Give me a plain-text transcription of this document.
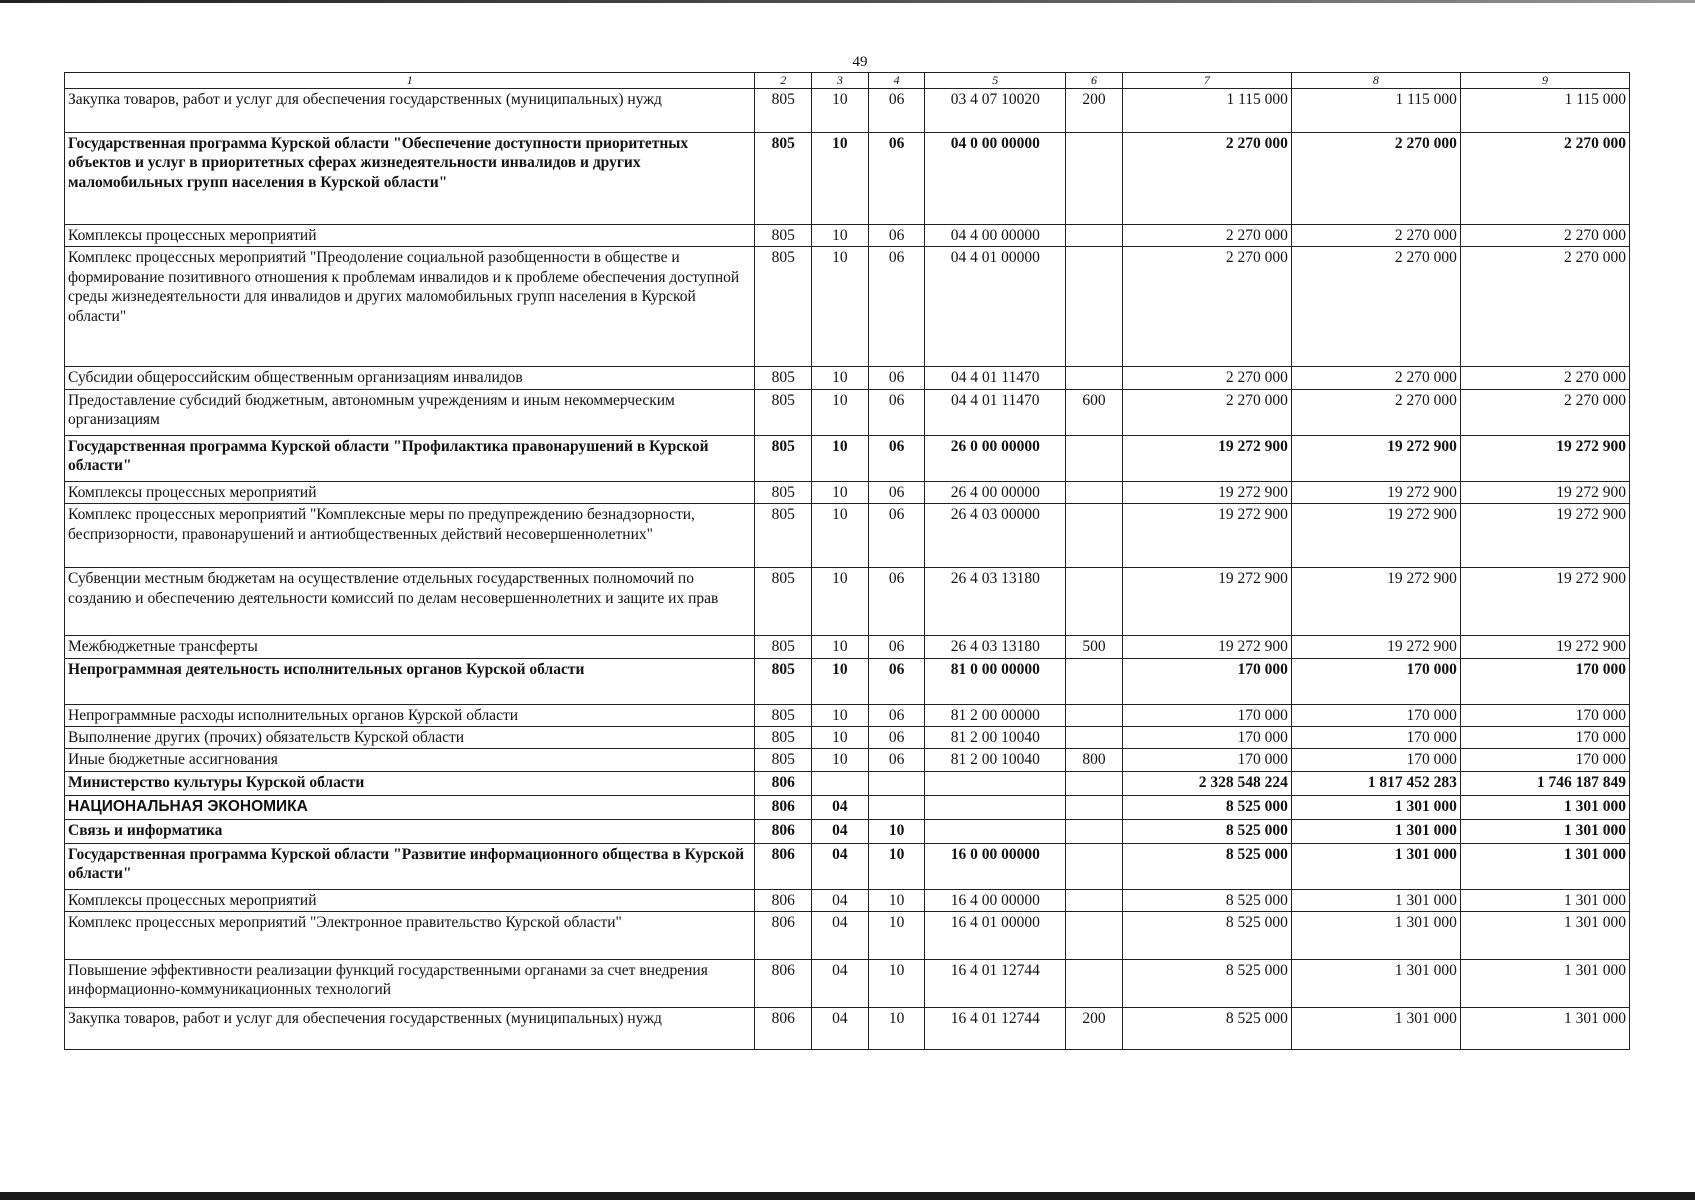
49
1	2	3	4	5	6	7	8	9
Закупка товаров, работ и услуг для обеспечения государственных (муниципальных) нужд	805	10	06	03 4 07 10020	200	1 115 000	1 115 000	1 115 000
Государственная программа Курской области "Обеспечение доступности приоритетных объектов и услуг в приоритетных сферах жизнедеятельности инвалидов и других маломобильных групп населения в Курской области"	805	10	06	04 0 00 00000		2 270 000	2 270 000	2 270 000
Комплексы процессных мероприятий	805	10	06	04 4 00 00000		2 270 000	2 270 000	2 270 000
Комплекс процессных мероприятий "Преодоление социальной разобщенности в обществе и формирование позитивного отношения к проблемам инвалидов и к проблеме обеспечения доступной среды жизнедеятельности для инвалидов и других маломобильных групп населения в Курской области"	805	10	06	04 4 01 00000		2 270 000	2 270 000	2 270 000
Субсидии общероссийским общественным организациям инвалидов	805	10	06	04 4 01 11470		2 270 000	2 270 000	2 270 000
Предоставление субсидий бюджетным, автономным учреждениям и иным некоммерческим организациям	805	10	06	04 4 01 11470	600	2 270 000	2 270 000	2 270 000
Государственная программа Курской области "Профилактика правонарушений в Курской области"	805	10	06	26 0 00 00000		19 272 900	19 272 900	19 272 900
Комплексы процессных мероприятий	805	10	06	26 4 00 00000		19 272 900	19 272 900	19 272 900
Комплекс процессных мероприятий "Комплексные меры по предупреждению безнадзорности, беспризорности, правонарушений и антиобщественных действий несовершеннолетних"	805	10	06	26 4 03 00000		19 272 900	19 272 900	19 272 900
Субвенции местным бюджетам на осуществление отдельных государственных полномочий по созданию и обеспечению деятельности комиссий по делам несовершеннолетних и защите их прав	805	10	06	26 4 03 13180		19 272 900	19 272 900	19 272 900
Межбюджетные трансферты	805	10	06	26 4 03 13180	500	19 272 900	19 272 900	19 272 900
Непрограммная деятельность исполнительных органов Курской области	805	10	06	81 0 00 00000		170 000	170 000	170 000
Непрограммные расходы исполнительных органов Курской области	805	10	06	81 2 00 00000		170 000	170 000	170 000
Выполнение других (прочих) обязательств Курской области	805	10	06	81 2 00 10040		170 000	170 000	170 000
Иные бюджетные ассигнования	805	10	06	81 2 00 10040	800	170 000	170 000	170 000
Министерство культуры Курской области	806					2 328 548 224	1 817 452 283	1 746 187 849
НАЦИОНАЛЬНАЯ ЭКОНОМИКА	806	04				8 525 000	1 301 000	1 301 000
Связь и информатика	806	04	10			8 525 000	1 301 000	1 301 000
Государственная программа Курской области "Развитие информационного общества в Курской области"	806	04	10	16 0 00 00000		8 525 000	1 301 000	1 301 000
Комплексы процессных мероприятий	806	04	10	16 4 00 00000		8 525 000	1 301 000	1 301 000
Комплекс процессных мероприятий "Электронное правительство Курской области"	806	04	10	16 4 01 00000		8 525 000	1 301 000	1 301 000
Повышение эффективности реализации функций государственными органами за счет внедрения информационно-коммуникационных технологий	806	04	10	16 4 01 12744		8 525 000	1 301 000	1 301 000
Закупка товаров, работ и услуг для обеспечения государственных (муниципальных) нужд	806	04	10	16 4 01 12744	200	8 525 000	1 301 000	1 301 000
